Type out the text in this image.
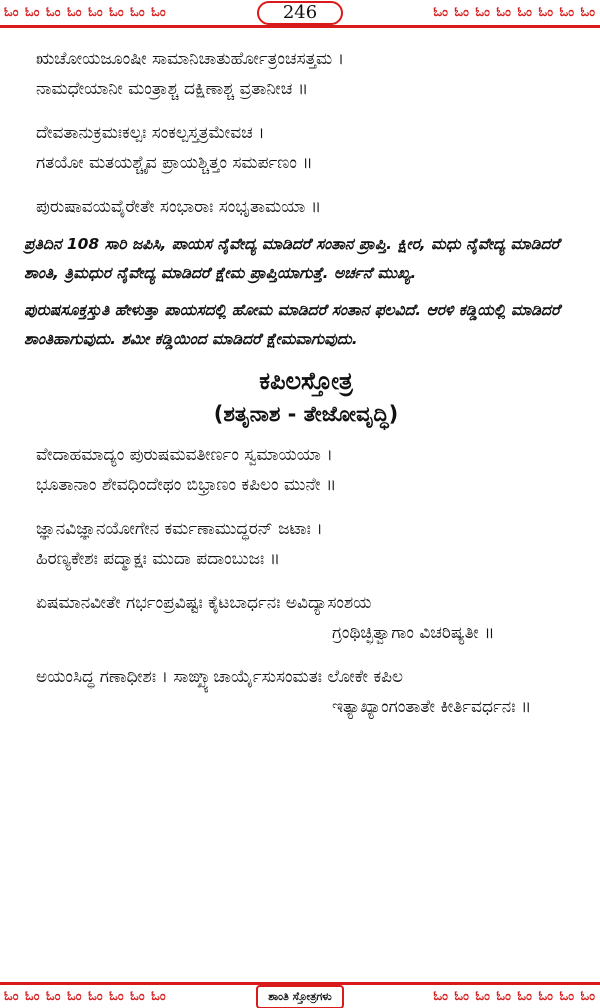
ಓಂ ಓಂ ಓಂ ಓಂ ಓಂ ಓಂ ಓಂ ಓಂ	246	ಓಂ ಓಂ ಓಂ ಓಂ ಓಂ ಓಂ ಓಂ ಓಂ
ಋಚೋಯಜೂಂಷೀ ಸಾಮಾನಿಚಾತುರ್ಹೋತ್ರಂಚಸತ್ತಮ ।
ನಾಮಧೇಯಾನೀ ಮಂತ್ರಾಶ್ಚ ದಕ್ಷಿಣಾಶ್ಚ ವ್ರತಾನೀಚ ॥
ದೇವತಾನುಕ್ರಮಃಕಲ್ಪಃ ಸಂಕಲ್ಪಸ್ತತ್ರಮೇವಚ ।
ಗತಯೋ ಮತಯಶ್ಚೈವ ಪ್ರಾಯಶ್ಚಿತ್ತಂ ಸಮರ್ಪಣಂ ॥
ಪುರುಷಾವಯವೈರೇತೇ ಸಂಭಾರಾಃ ಸಂಭೃತಾಮಯಾ ॥
ಪ್ರತಿದಿನ 108 ಸಾರಿ ಜಪಿಸಿ, ಪಾಯಸ ನೈವೇದ್ಯ ಮಾಡಿದರೆ ಸಂತಾನ ಪ್ರಾಪ್ತಿ. ಕ್ಷೀರ, ಮಧು ನೈವೇದ್ಯ ಮಾಡಿದರೆ ಶಾಂತಿ, ತ್ರಿಮಧುರ ನೈವೇದ್ಯ ಮಾಡಿದರೆ ಕ್ಷೇಮ ಪ್ರಾಪ್ತಿಯಾಗುತ್ತೆ. ಅರ್ಚನೆ ಮುಖ್ಯ.
ಪುರುಷಸೂಕ್ತಸ್ತುತಿ ಹೇಳುತ್ತಾ ಪಾಯಸದಲ್ಲಿ ಹೋಮ ಮಾಡಿದರೆ ಸಂತಾನ ಫಲವಿದೆ. ಆರಳಿ ಕಡ್ಡಿಯಲ್ಲಿ ಮಾಡಿದರೆ ಶಾಂತಿಹಾಗುವುದು. ಶಮೀ ಕಡ್ಡಿಯಿಂದ ಮಾಡಿದರೆ ಕ್ಷೇಮವಾಗುವುದು.
ಕಪಿಲಸ್ತೋತ್ರ
(ಶತೃನಾಶ - ತೇಜೋವೃದ್ಧಿ)
ವೇದಾಹಮಾದ್ಯಂ ಪುರುಷಮವತೀರ್ಣಂ ಸ್ವಮಾಯಯಾ ।
ಭೂತಾನಾಂ ಶೇವಧಿಂದೇಥಂ ಬಿಭ್ರಾಣಂ ಕಪಿಲಂ ಮುನೇ ॥
ಜ್ಞಾನವಿಜ್ಞಾನಯೋಗೇನ ಕರ್ಮಣಾಮುದ್ಧರನ್ ಜಟಾಃ ।
ಹಿರಣ್ಯಕೇಶಃ ಪದ್ಮಾಕ್ಷಃ ಮುದಾ ಪದಾಂಬುಜಃ ॥
ಏಷಮಾನವೀತೇ ಗರ್ಭಂಪ್ರವಿಷ್ಟಃ ಕೈಟಬಾರ್ಧನಃ ಅವಿದ್ಯಾಸಂಶಯ
ಗ್ರಂಥಿಚ್ಛಿತ್ವಾಗಾಂ ವಿಚರಿಷ್ಯತೀ ॥
ಅಯಂಸಿದ್ಧ ಗಣಾಧೀಶಃ । ಸಾಙ್ಖ್ಯಾಚಾರ್ಯೈಸುಸಂಮತಃ ಲೋಕೇ ಕಪಿಲ
ಇತ್ಯಾಖ್ಯಾಂಗಂತಾತೇ ಕೀರ್ತಿವರ್ಧನಃ ॥
ಓಂ ಓಂ ಓಂ ಓಂ ಓಂ ಓಂ ಓಂ ಓಂ	ಶಾಂತಿ ಸ್ತೋತ್ರಗಳು	ಓಂ ಓಂ ಓಂ ಓಂ ಓಂ ಓಂ ಓಂ ಓಂ
